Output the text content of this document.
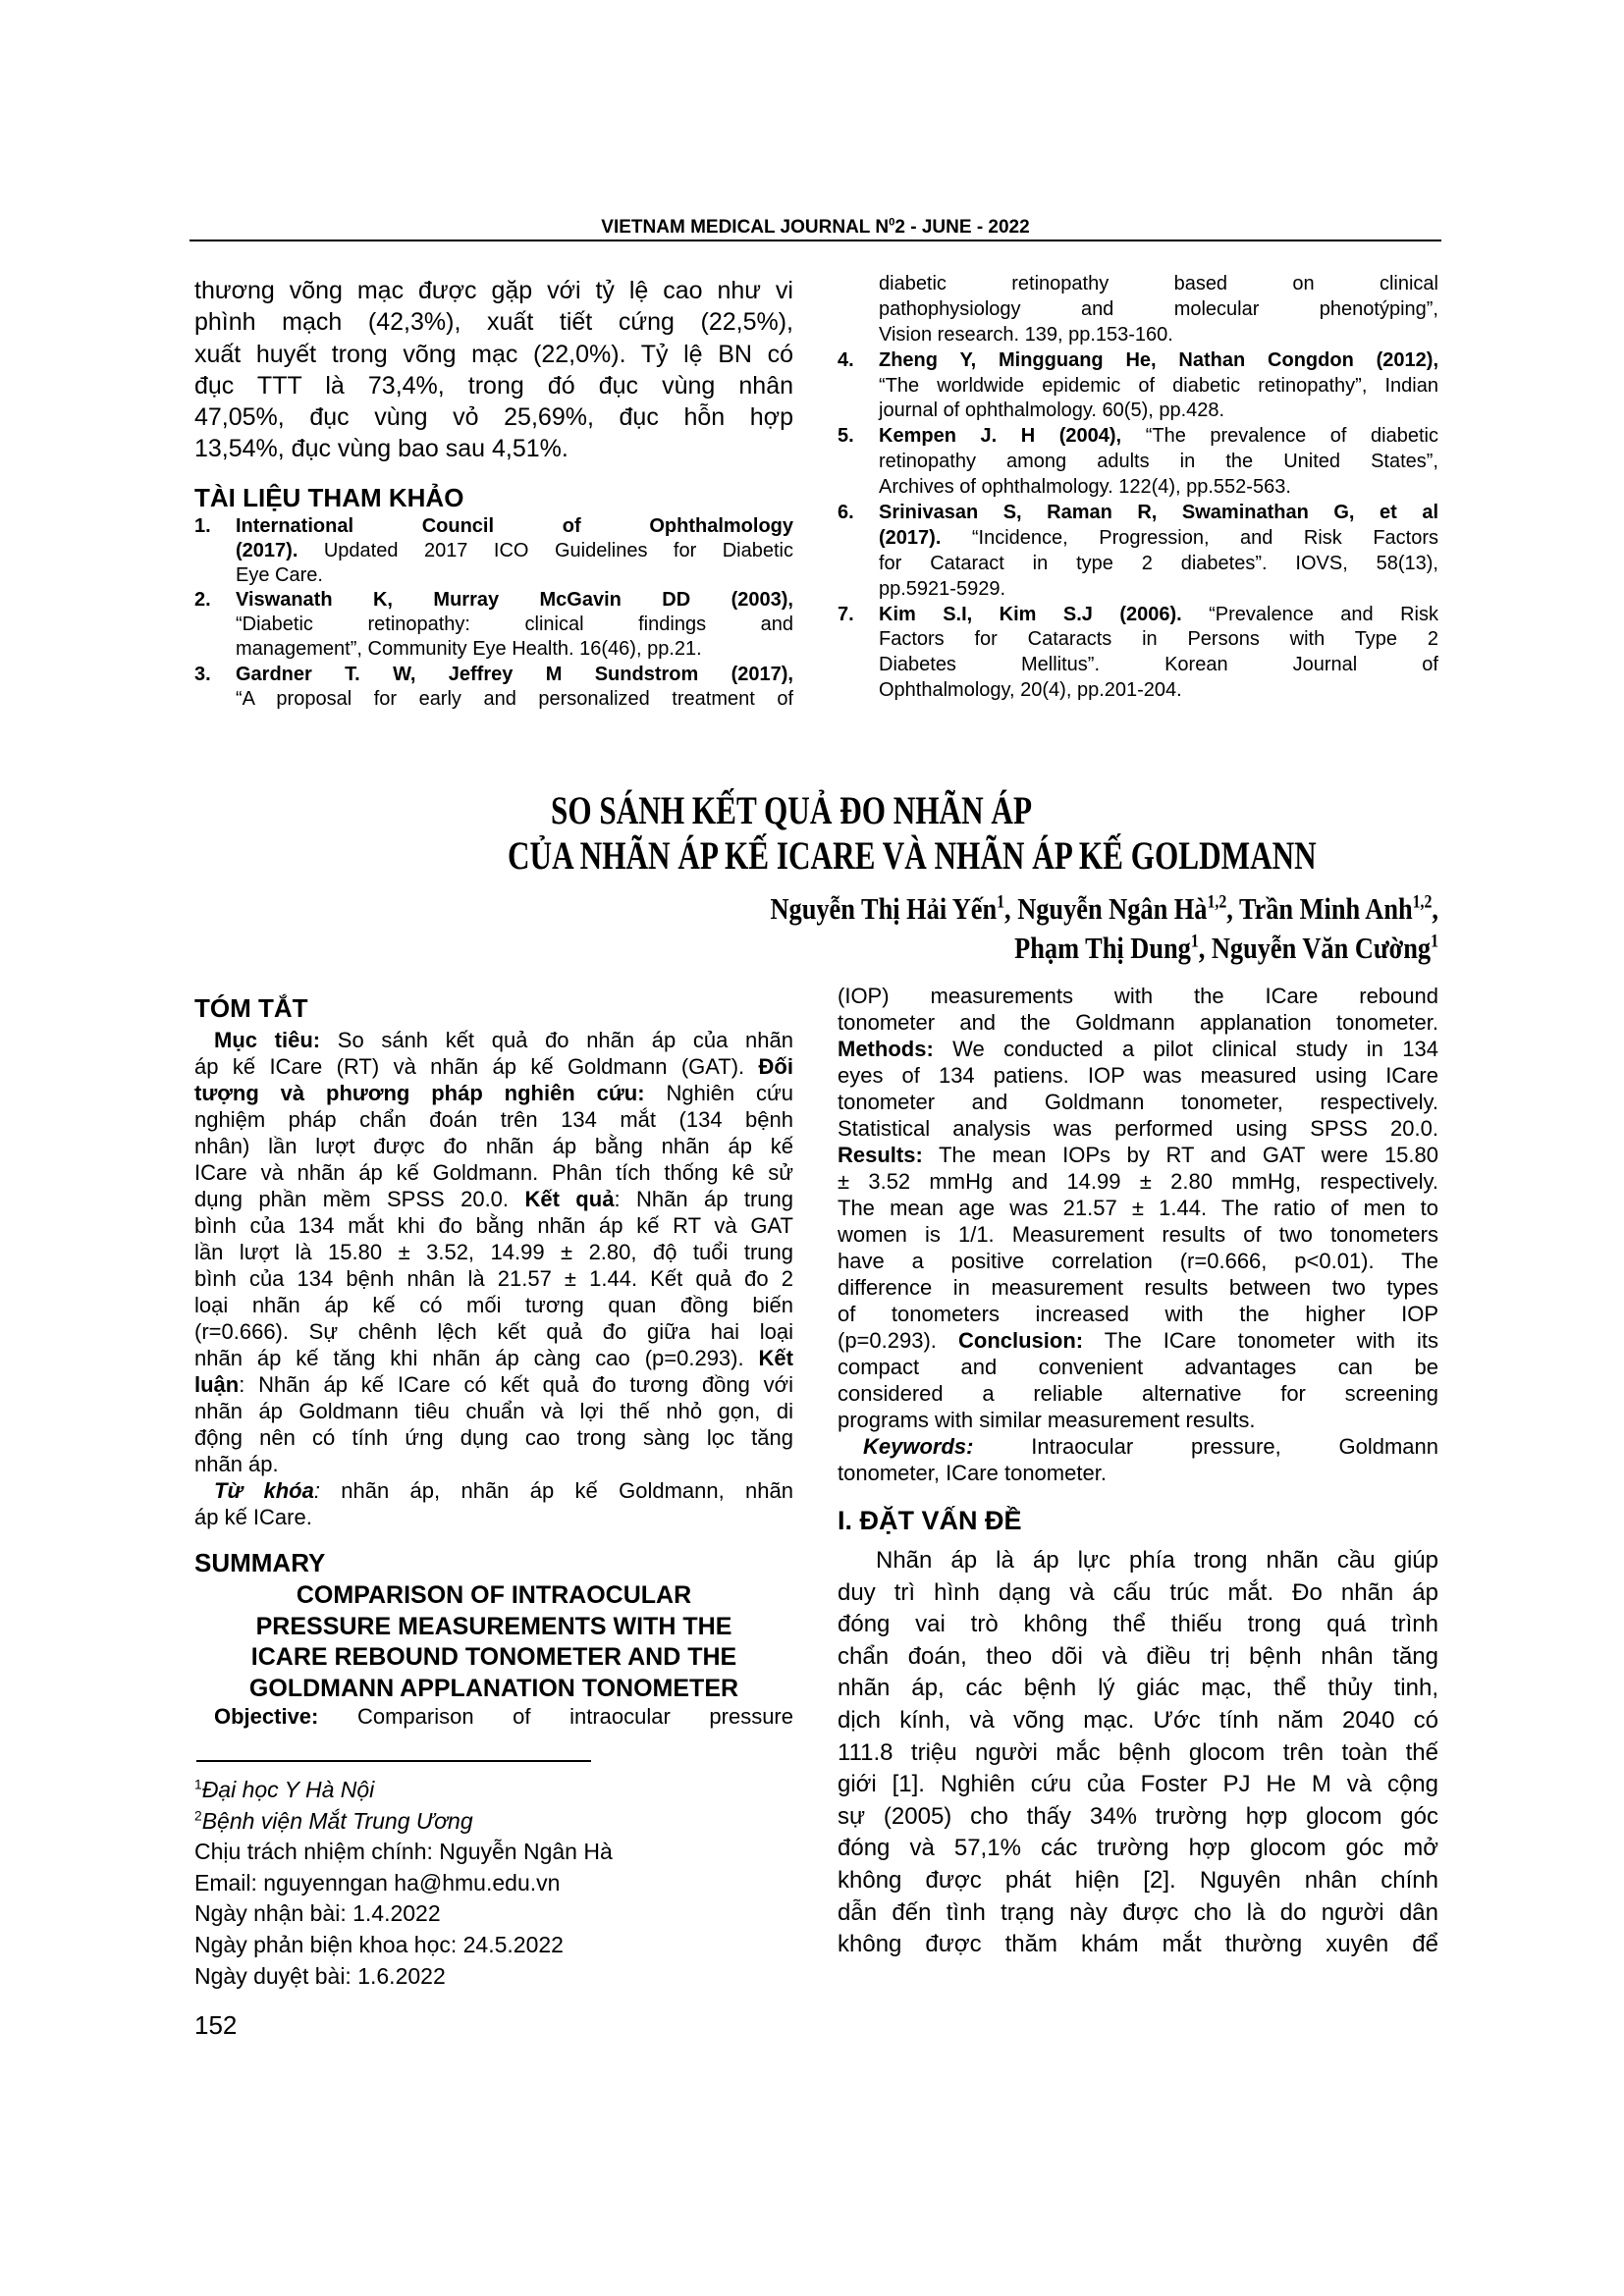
VIETNAM MEDICAL JOURNAL $N^02$ - JUNE - 2022
thương võng mạc được gặp với tỷ lệ cao như vi
phình mạch (42,3%), xuất tiết cứng (22,5%),
xuất huyết trong võng mạc (22,0%). Tỷ lệ BN có
đục TTT là 73,4%, trong đó đục vùng nhân
47,05%, đục vùng vỏ 25,69%, đục hỗn hợp
13,54%, đục vùng bao sau 4,51%.
TÀI LIỆU THAM KHẢO
1. International Council of Ophthalmology
(2017). Updated 2017 ICO Guidelines for Diabetic
Eye Care.
2. Viswanath K, Murray McGavin DD (2003),
“Diabetic retinopathy: clinical findings and
management”, Community Eye Health. 16(46), pp.21.
3. Gardner T. W, Jeffrey M Sundstrom (2017),
“A proposal for early and personalized treatment of
diabetic retinopathy based on clinical
pathophysiology and molecular phenotýping”,
Vision research. 139, pp.153-160.
4. Zheng Y, Mingguang He, Nathan Congdon (2012),
“The worldwide epidemic of diabetic retinopathy”, Indian
journal of ophthalmology. 60(5), pp.428.
5. Kempen J. H (2004), “The prevalence of diabetic
retinopathy among adults in the United States”,
Archives of ophthalmology. 122(4), pp.552-563.
6. Srinivasan S, Raman R, Swaminathan G, et al
(2017). “Incidence, Progression, and Risk Factors
for Cataract in type 2 diabetes”. IOVS, 58(13),
pp.5921-5929.
7. Kim S.I, Kim S.J (2006). “Prevalence and Risk
Factors for Cataracts in Persons with Type 2
Diabetes Mellitus”. Korean Journal of
Ophthalmology, 20(4), pp.201-204.
SO SÁNH KẾT QUẢ ĐO NHÃN ÁP
CỦA NHÃN ÁP KẾ ICARE VÀ NHÃN ÁP KẾ GOLDMANN
Nguyễn Thị Hải Yến$^1$, Nguyễn Ngân Hà$^{1,2}$, Trần Minh Anh$^{1,2}$,
Phạm Thị Dung$^1$, Nguyễn Văn Cường$^1$
TÓM TẮT
Mục tiêu: So sánh kết quả đo nhãn áp của nhãn
áp kế ICare (RT) và nhãn áp kế Goldmann (GAT). Đối
tượng và phương pháp nghiên cứu: Nghiên cứu
nghiệm pháp chẩn đoán trên 134 mắt (134 bệnh
nhân) lần lượt được đo nhãn áp bằng nhãn áp kế
ICare và nhãn áp kế Goldmann. Phân tích thống kê sử
dụng phần mềm SPSS 20.0. Kết quả: Nhãn áp trung
bình của 134 mắt khi đo bằng nhãn áp kế RT và GAT
lần lượt là 15.80 ± 3.52, 14.99 ± 2.80, độ tuổi trung
bình của 134 bệnh nhân là 21.57 ± 1.44. Kết quả đo 2
loại nhãn áp kế có mối tương quan đồng biến
(r=0.666). Sự chênh lệch kết quả đo giữa hai loại
nhãn áp kế tăng khi nhãn áp càng cao (p=0.293). Kết
luận: Nhãn áp kế ICare có kết quả đo tương đồng với
nhãn áp Goldmann tiêu chuẩn và lợi thế nhỏ gọn, di
động nên có tính ứng dụng cao trong sàng lọc tăng
nhãn áp.
Từ khóa: nhãn áp, nhãn áp kế Goldmann, nhãn
áp kế ICare.
SUMMARY
COMPARISON OF INTRAOCULAR
PRESSURE MEASUREMENTS WITH THE
ICARE REBOUND TONOMETER AND THE
GOLDMANN APPLANATION TONOMETER
Objective: Comparison of intraocular pressure
$^1$Đại học Y Hà Nội
$^2$Bệnh viện Mắt Trung Ương
Chịu trách nhiệm chính: Nguyễn Ngân Hà
Email: nguyenngan ha@hmu.edu.vn
Ngày nhận bài: 1.4.2022
Ngày phản biện khoa học: 24.5.2022
Ngày duyệt bài: 1.6.2022
152
(IOP) measurements with the ICare rebound
tonometer and the Goldmann applanation tonometer.
Methods: We conducted a pilot clinical study in 134
eyes of 134 patiens. IOP was measured using ICare
tonometer and Goldmann tonometer, respectively.
Statistical analysis was performed using SPSS 20.0.
Results: The mean IOPs by RT and GAT were 15.80
± 3.52 mmHg and 14.99 ± 2.80 mmHg, respectively.
The mean age was 21.57 ± 1.44. The ratio of men to
women is 1/1. Measurement results of two tonometers
have a positive correlation (r=0.666, p<0.01). The
difference in measurement results between two types
of tonometers increased with the higher IOP
(p=0.293). Conclusion: The ICare tonometer with its
compact and convenient advantages can be
considered a reliable alternative for screening
programs with similar measurement results.
Keywords: Intraocular pressure, Goldmann
tonometer, ICare tonometer.
I. ĐẶT VẤN ĐỀ
Nhãn áp là áp lực phía trong nhãn cầu giúp
duy trì hình dạng và cấu trúc mắt. Đo nhãn áp
đóng vai trò không thể thiếu trong quá trình
chẩn đoán, theo dõi và điều trị bệnh nhân tăng
nhãn áp, các bệnh lý giác mạc, thể thủy tinh,
dịch kính, và võng mạc. Ước tính năm 2040 có
111.8 triệu người mắc bệnh glocom trên toàn thế
giới [1]. Nghiên cứu của Foster PJ He M và cộng
sự (2005) cho thấy 34% trường hợp glocom góc
đóng và 57,1% các trường hợp glocom góc mở
không được phát hiện [2]. Nguyên nhân chính
dẫn đến tình trạng này được cho là do người dân
không được thăm khám mắt thường xuyên để
